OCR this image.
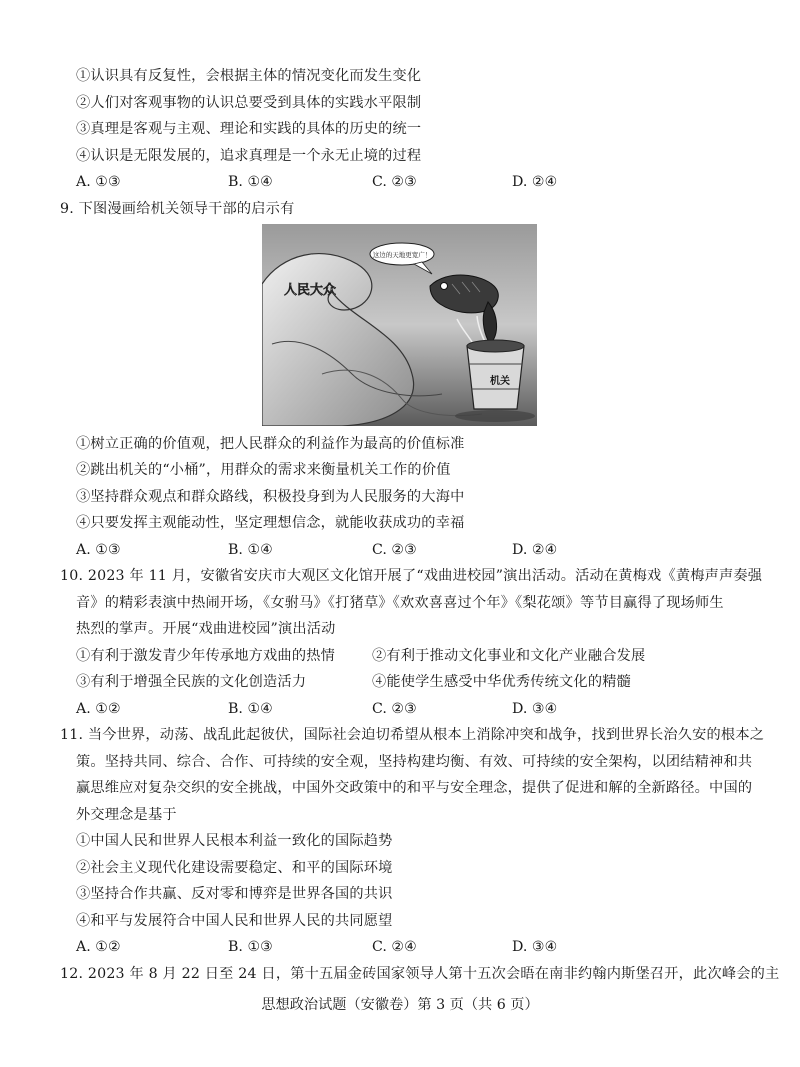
①认识具有反复性，会根据主体的情况变化而发生变化
②人们对客观事物的认识总要受到具体的实践水平限制
③真理是客观与主观、理论和实践的具体的历史的统一
④认识是无限发展的，追求真理是一个永无止境的过程
A. ①③	B. ①④	C. ②③	D. ②④
9. 下图漫画给机关领导干部的启示有
人民大众
这边的天地更宽广！
机关
①树立正确的价值观，把人民群众的利益作为最高的价值标准
②跳出机关的“小桶”，用群众的需求来衡量机关工作的价值
③坚持群众观点和群众路线，积极投身到为人民服务的大海中
④只要发挥主观能动性，坚定理想信念，就能收获成功的幸福
A. ①③	B. ①④	C. ②③	D. ②④
10. 2023 年 11 月，安徽省安庆市大观区文化馆开展了“戏曲进校园”演出活动。活动在黄梅戏《黄梅声声奏强
音》的精彩表演中热闹开场，《女驸马》《打猪草》《欢欢喜喜过个年》《梨花颂》等节目赢得了现场师生
热烈的掌声。开展“戏曲进校园”演出活动
①有利于激发青少年传承地方戏曲的热情	②有利于推动文化事业和文化产业融合发展
③有利于增强全民族的文化创造活力	④能使学生感受中华优秀传统文化的精髓
A. ①②	B. ①④	C. ②③	D. ③④
11. 当今世界，动荡、战乱此起彼伏，国际社会迫切希望从根本上消除冲突和战争，找到世界长治久安的根本之
策。坚持共同、综合、合作、可持续的安全观，坚持构建均衡、有效、可持续的安全架构，以团结精神和共
赢思维应对复杂交织的安全挑战，中国外交政策中的和平与安全理念，提供了促进和解的全新路径。中国的
外交理念是基于
①中国人民和世界人民根本利益一致化的国际趋势
②社会主义现代化建设需要稳定、和平的国际环境
③坚持合作共赢、反对零和博弈是世界各国的共识
④和平与发展符合中国人民和世界人民的共同愿望
A. ①②	B. ①③	C. ②④	D. ③④
12. 2023 年 8 月 22 日至 24 日，第十五届金砖国家领导人第十五次会晤在南非约翰内斯堡召开，此次峰会的主
思想政治试题（安徽卷）第 3 页（共 6 页）
